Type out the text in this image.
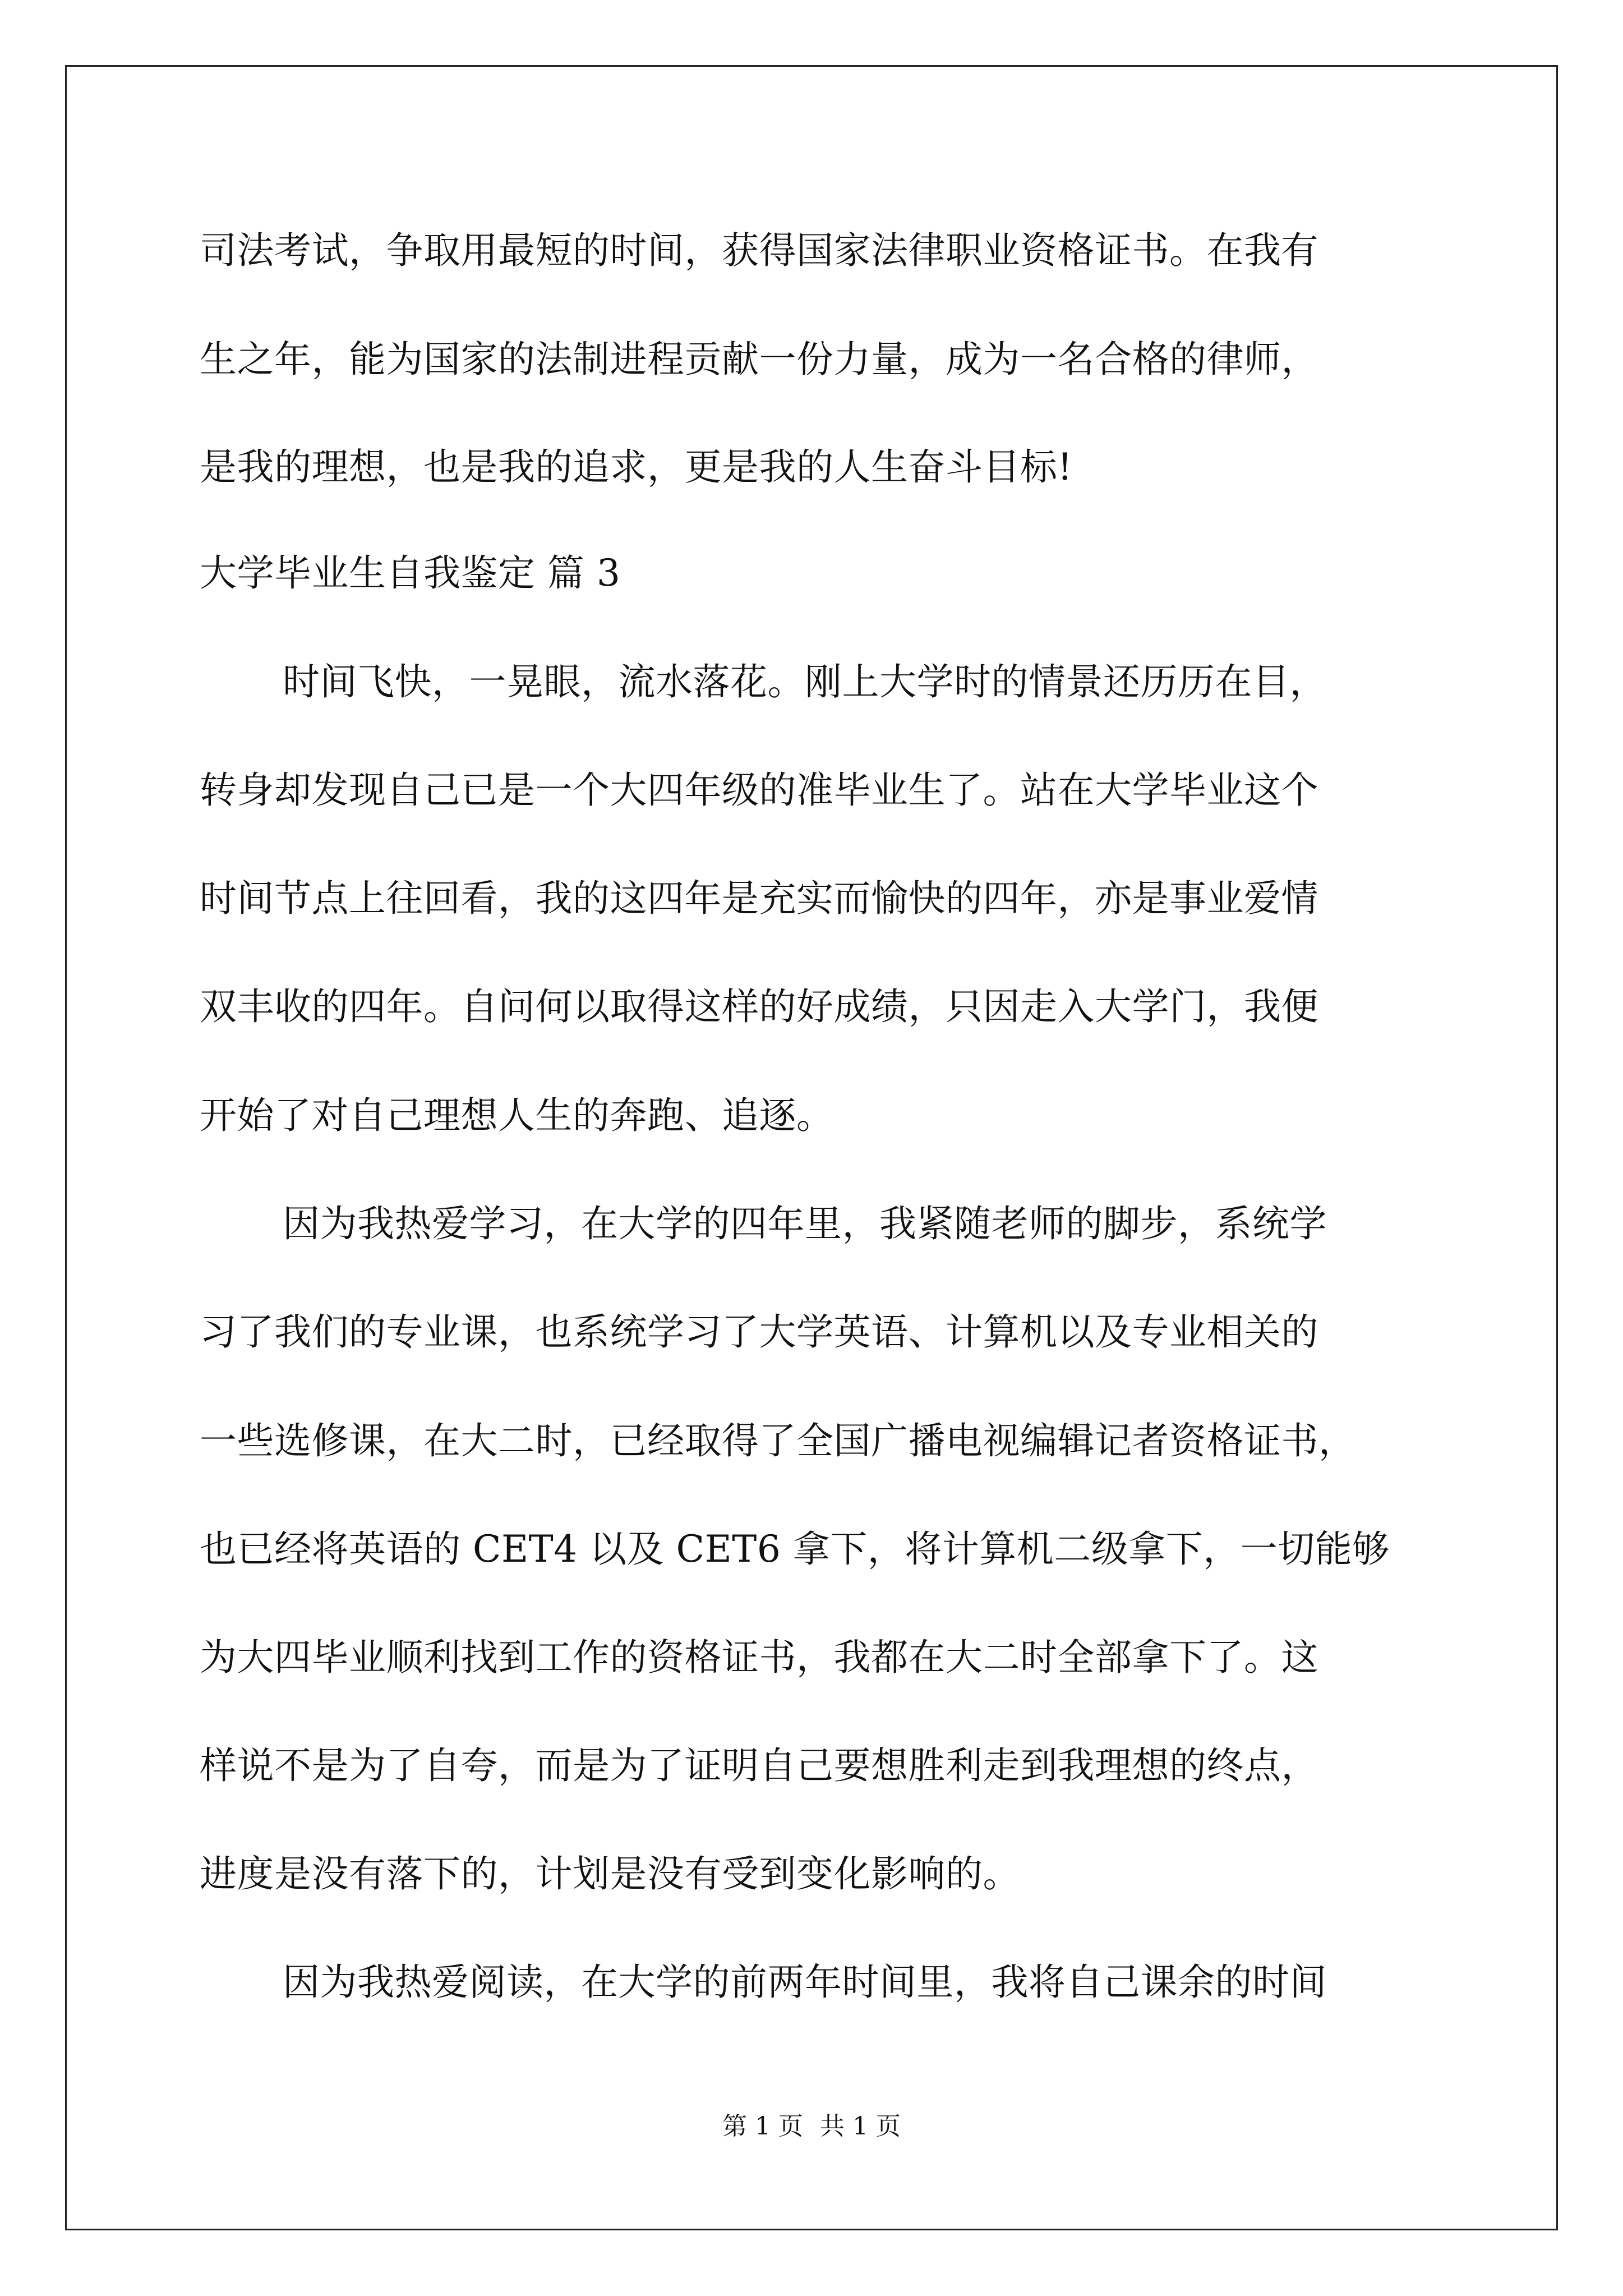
司法考试，争取用最短的时间，获得国家法律职业资格证书。在我有
生之年，能为国家的法制进程贡献一份力量，成为一名合格的律师，
是我的理想，也是我的追求，更是我的人生奋斗目标!
大学毕业生自我鉴定 篇 3
时间飞快，一晃眼，流水落花。刚上大学时的情景还历历在目，
转身却发现自己已是一个大四年级的准毕业生了。站在大学毕业这个
时间节点上往回看，我的这四年是充实而愉快的四年，亦是事业爱情
双丰收的四年。自问何以取得这样的好成绩，只因走入大学门，我便
开始了对自己理想人生的奔跑、追逐。
因为我热爱学习，在大学的四年里，我紧随老师的脚步，系统学
习了我们的专业课，也系统学习了大学英语、计算机以及专业相关的
一些选修课，在大二时，已经取得了全国广播电视编辑记者资格证书，
也已经将英语的 CET4 以及 CET6 拿下，将计算机二级拿下，一切能够
为大四毕业顺利找到工作的资格证书，我都在大二时全部拿下了。这
样说不是为了自夸，而是为了证明自己要想胜利走到我理想的终点，
进度是没有落下的，计划是没有受到变化影响的。
因为我热爱阅读，在大学的前两年时间里，我将自己课余的时间
第 1 页 共 1 页
